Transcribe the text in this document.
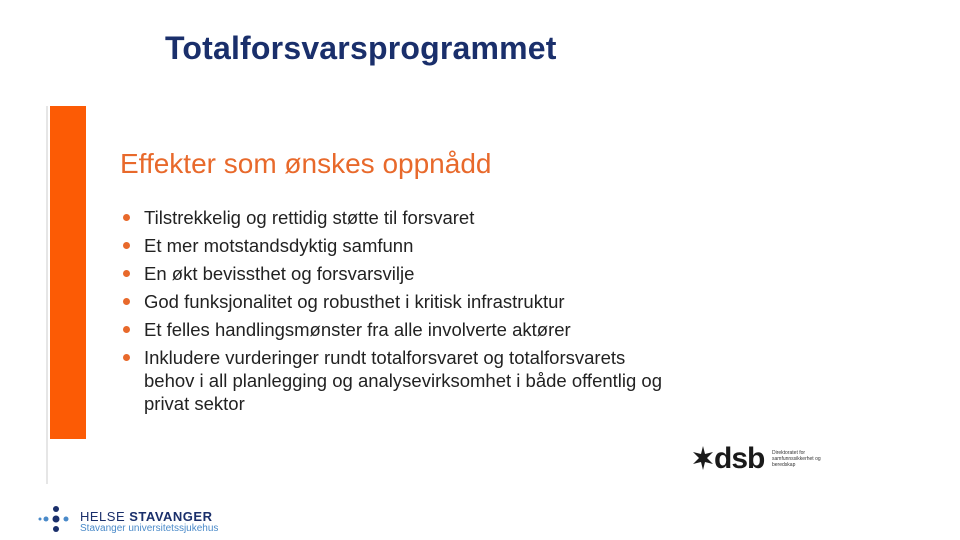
Totalforsvarsprogrammet
Effekter som ønskes oppnådd
Tilstrekkelig og rettidig støtte til forsvaret
Et mer motstandsdyktig samfunn
En økt bevissthet og forsvarsvilje
God funksjonalitet og robusthet i kritisk infrastruktur
Et felles handlingsmønster fra alle involverte aktører
Inkludere vurderinger rundt totalforsvaret og totalforsvarets behov i all planlegging og analysevirksomhet i både offentlig og privat sektor
dsb Direktoratet for samfunnssikkerhet og beredskap
HELSE STAVANGER
Stavanger universitetssjukehus
